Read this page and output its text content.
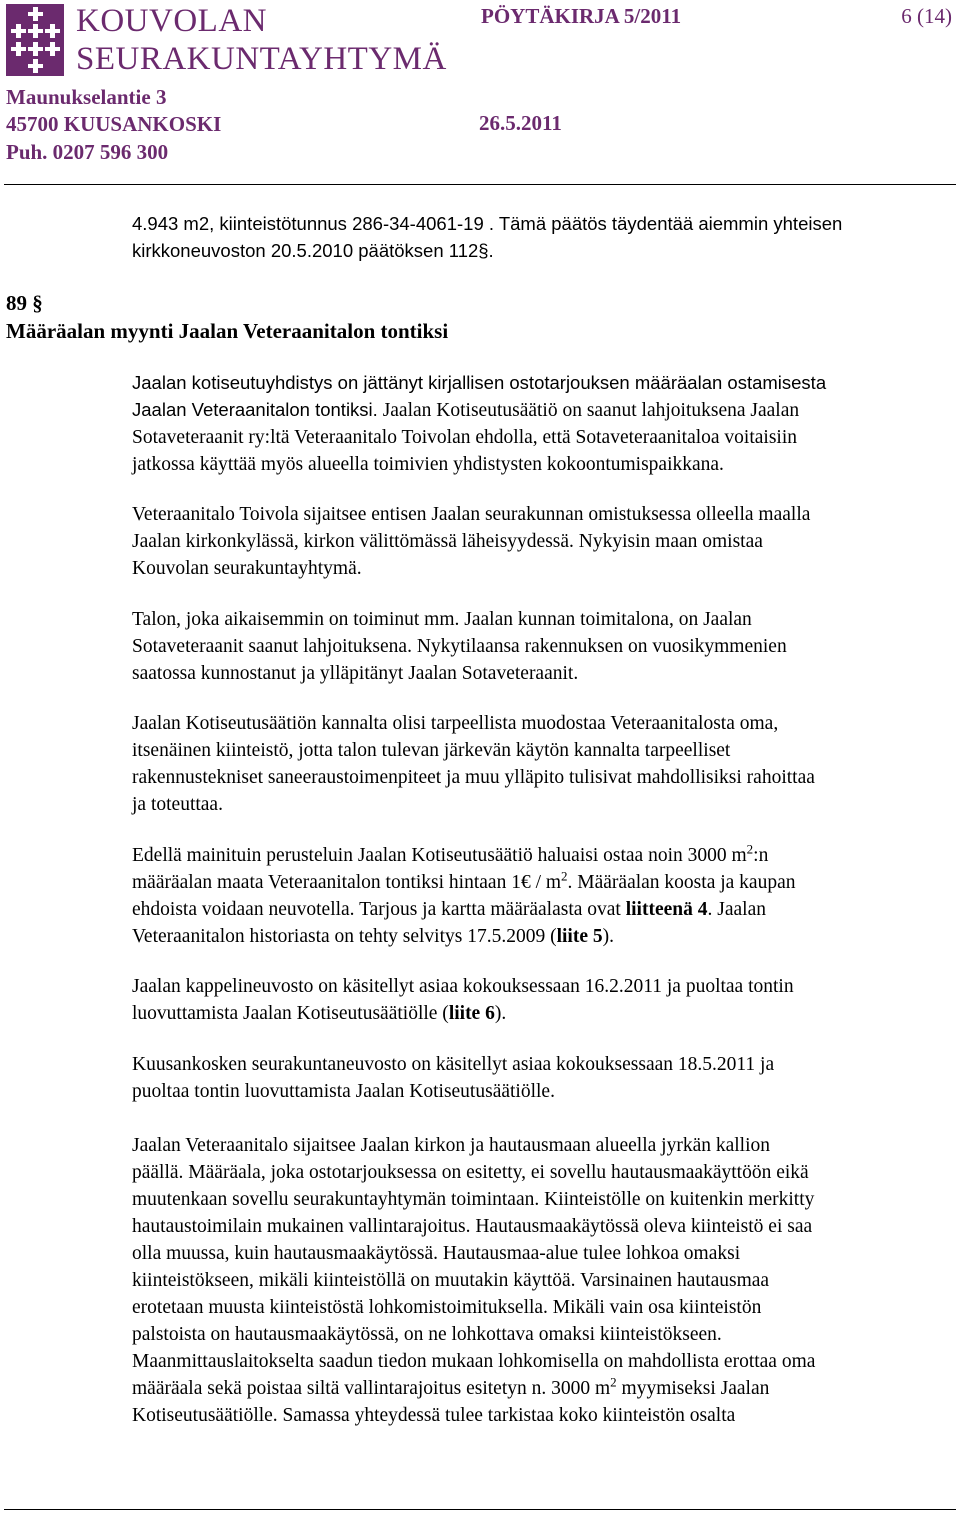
KOUVOLAN
SEURAKUNTAYHTYMÄ
Maunukselantie 3
45700 KUUSANKOSKI
Puh. 0207 596 300
PÖYTÄKIRJA 5/2011	6 (14)
26.5.2011
4.943 m2, kiinteistötunnus 286-34-4061-19 . Tämä päätös täydentää aiemmin yhteisen
kirkkoneuvoston 20.5.2010 päätöksen 112§.
89 §
Määräalan myynti Jaalan Veteraanitalon tontiksi
Jaalan kotiseutuyhdistys on jättänyt kirjallisen ostotarjouksen määräalan ostamisesta
Jaalan Veteraanitalon tontiksi. Jaalan Kotiseutusäätiö on saanut lahjoituksena Jaalan
Sotaveteraanit ry:ltä Veteraanitalo Toivolan ehdolla, että Sotaveteraanitaloa voitaisiin
jatkossa käyttää myös alueella toimivien yhdistysten kokoontumispaikkana.
Veteraanitalo Toivola sijaitsee entisen Jaalan seurakunnan omistuksessa olleella maalla
Jaalan kirkonkylässä, kirkon välittömässä läheisyydessä. Nykyisin maan omistaa
Kouvolan seurakuntayhtymä.
Talon, joka aikaisemmin on toiminut mm. Jaalan kunnan toimitalona, on Jaalan
Sotaveteraanit saanut lahjoituksena. Nykytilaansa rakennuksen on vuosikymmenien
saatossa kunnostanut ja ylläpitänyt Jaalan Sotaveteraanit.
Jaalan Kotiseutusäätiön kannalta olisi tarpeellista muodostaa Veteraanitalosta oma,
itsenäinen kiinteistö, jotta talon tulevan järkevän käytön kannalta tarpeelliset
rakennustekniset saneeraustoimenpiteet ja muu ylläpito tulisivat mahdollisiksi rahoittaa
ja toteuttaa.
Edellä mainituin perusteluin Jaalan Kotiseutusäätiö haluaisi ostaa noin 3000 $m^2:n$
määräalan maata Veteraanitalon tontiksi hintaan 1€ / $m^2$. Määräalan koosta ja kaupan
ehdoista voidaan neuvotella. Tarjous ja kartta määräalasta ovat liitteenä 4. Jaalan
Veteraanitalon historiasta on tehty selvitys 17.5.2009 (liite 5).
Jaalan kappelineuvosto on käsitellyt asiaa kokouksessaan 16.2.2011 ja puoltaa tontin
luovuttamista Jaalan Kotiseutusäätiölle (liite 6).
Kuusankosken seurakuntaneuvosto on käsitellyt asiaa kokouksessaan 18.5.2011 ja
puoltaa tontin luovuttamista Jaalan Kotiseutusäätiölle.
Jaalan Veteraanitalo sijaitsee Jaalan kirkon ja hautausmaan alueella jyrkän kallion
päällä. Määräala, joka ostotarjouksessa on esitetty, ei sovellu hautausmaakäyttöön eikä
muutenkaan sovellu seurakuntayhtymän toimintaan. Kiinteistölle on kuitenkin merkitty
hautaustoimilain mukainen vallintarajoitus. Hautausmaakäytössä oleva kiinteistö ei saa
olla muussa, kuin hautausmaakäytössä. Hautausmaa-alue tulee lohkoa omaksi
kiinteistökseen, mikäli kiinteistöllä on muutakin käyttöä. Varsinainen hautausmaa
erotetaan muusta kiinteistöstä lohkomistoimituksella. Mikäli vain osa kiinteistön
palstoista on hautausmaakäytössä, on ne lohkottava omaksi kiinteistökseen.
Maanmittauslaitokselta saadun tiedon mukaan lohkomisella on mahdollista erottaa oma
määräala sekä poistaa siltä vallintarajoitus esitetyn n. 3000 $m^2$ myymiseksi Jaalan
Kotiseutusäätiölle. Samassa yhteydessä tulee tarkistaa koko kiinteistön osalta
